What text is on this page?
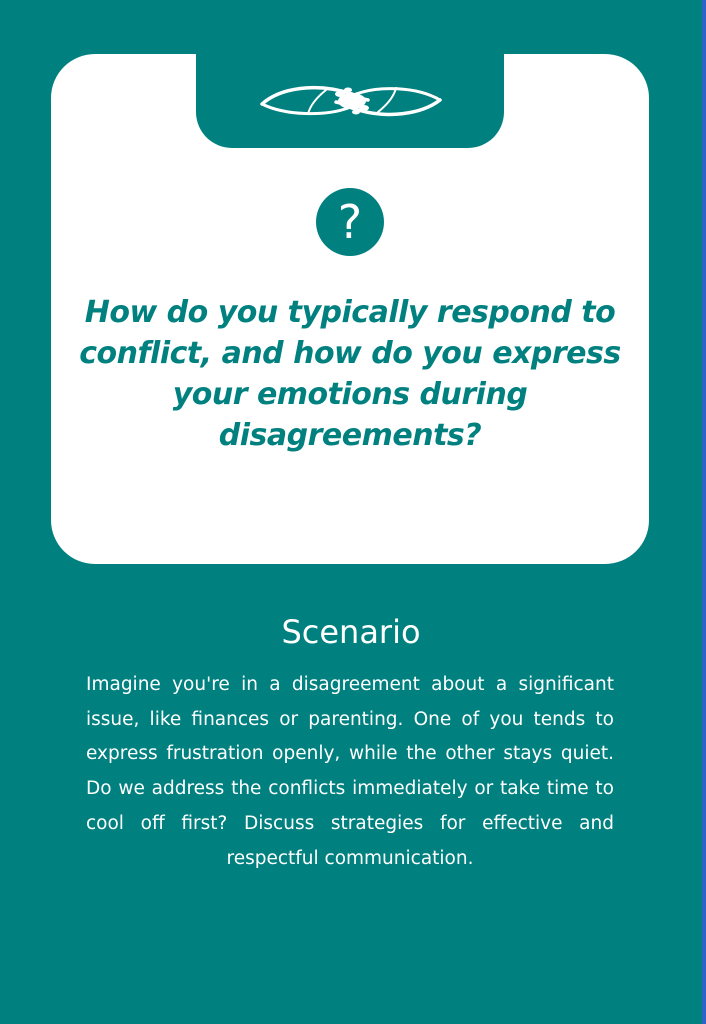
?

How do you typically respond to conflict, and how do you express your emotions during disagreements?

Scenario

Imagine you're in a disagreement about a significant issue, like finances or parenting. One of you tends to express frustration openly, while the other stays quiet. Do we address the conflicts immediately or take time to cool off first? Discuss strategies for effective and respectful communication.
